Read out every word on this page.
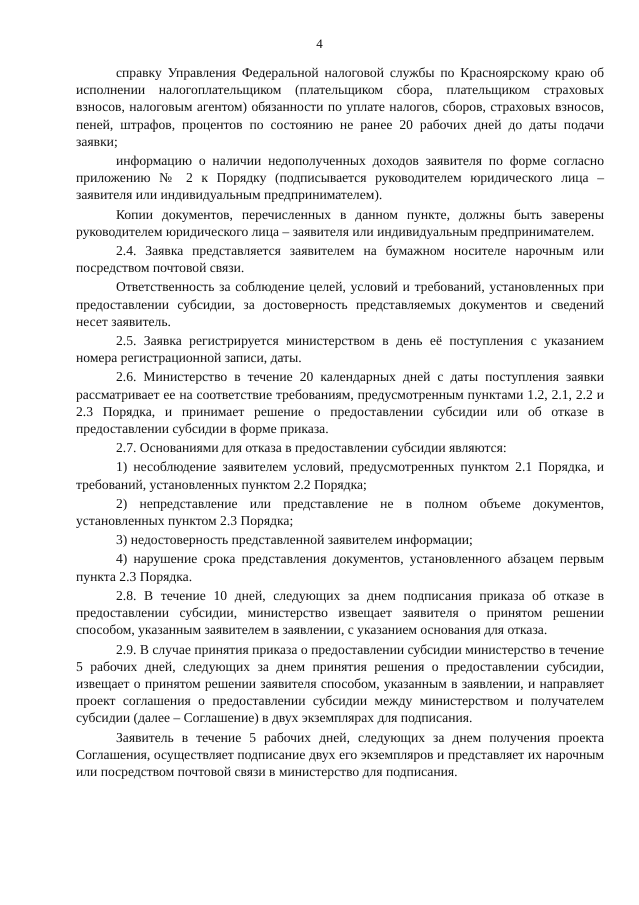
4

справку Управления Федеральной налоговой службы по Красноярскому краю об исполнении налогоплательщиком (плательщиком сбора, плательщиком страховых взносов, налоговым агентом) обязанности по уплате налогов, сборов, страховых взносов, пеней, штрафов, процентов по состоянию не ранее 20 рабочих дней до даты подачи заявки;

информацию о наличии недополученных доходов заявителя по форме согласно приложению № 2 к Порядку (подписывается руководителем юридического лица – заявителя или индивидуальным предпринимателем).

Копии документов, перечисленных в данном пункте, должны быть заверены руководителем юридического лица – заявителя или индивидуальным предпринимателем.

2.4. Заявка представляется заявителем на бумажном носителе нарочным или посредством почтовой связи.

Ответственность за соблюдение целей, условий и требований, установленных при предоставлении субсидии, за достоверность представляемых документов и сведений несет заявитель.

2.5. Заявка регистрируется министерством в день её поступления с указанием номера регистрационной записи, даты.

2.6. Министерство в течение 20 календарных дней с даты поступления заявки рассматривает ее на соответствие требованиям, предусмотренным пунктами 1.2, 2.1, 2.2 и 2.3 Порядка, и принимает решение о предоставлении субсидии или об отказе в предоставлении субсидии в форме приказа.

2.7. Основаниями для отказа в предоставлении субсидии являются:

1) несоблюдение заявителем условий, предусмотренных пунктом 2.1 Порядка, и требований, установленных пунктом 2.2 Порядка;

2) непредставление или представление не в полном объеме документов, установленных пунктом 2.3 Порядка;

3) недостоверность представленной заявителем информации;

4) нарушение срока представления документов, установленного абзацем первым пункта 2.3 Порядка.

2.8. В течение 10 дней, следующих за днем подписания приказа об отказе в предоставлении субсидии, министерство извещает заявителя о принятом решении способом, указанным заявителем в заявлении, с указанием основания для отказа.

2.9. В случае принятия приказа о предоставлении субсидии министерство в течение 5 рабочих дней, следующих за днем принятия решения о предоставлении субсидии, извещает о принятом решении заявителя способом, указанным в заявлении, и направляет проект соглашения о предоставлении субсидии между министерством и получателем субсидии (далее – Соглашение) в двух экземплярах для подписания.

Заявитель в течение 5 рабочих дней, следующих за днем получения проекта Соглашения, осуществляет подписание двух его экземпляров и представляет их нарочным или посредством почтовой связи в министерство для подписания.
